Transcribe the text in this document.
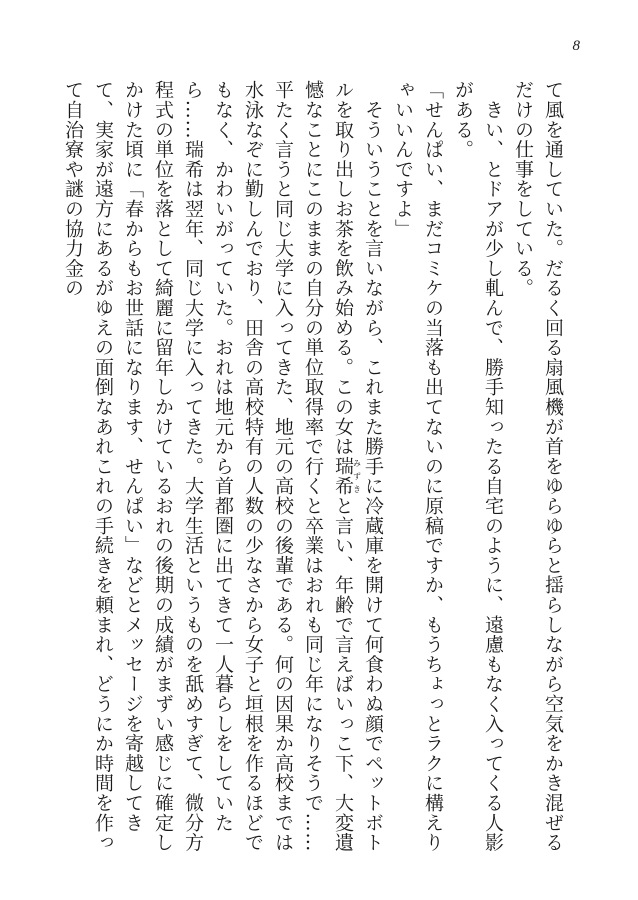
8

て風を通していた。だるく回る扇風機が首をゆらゆらと揺らしながら空気をかき混ぜるだけの仕事をしている。

　きい、とドアが少し軋んで、勝手知ったる自宅のように、遠慮もなく入ってくる人影がある。

「せんぱい、まだコミケの当落も出てないのに原稿ですか、もうちょっとラクに構えりゃいいんですよ」

　そういうことを言いながら、これまた勝手に冷蔵庫を開けて何食わぬ顔でペットボトルを取り出しお茶を飲み始める。この女は瑞希みずきと言い、年齢で言えばいっこ下、大変遺憾なことにこのままの自分の単位取得率で行くと卒業はおれも同じ年になりそうで……平たく言うと同じ大学に入ってきた、地元の高校の後輩である。何の因果か高校までは水泳なぞに勤しんでおり、田舎の高校特有の人数の少なさから女子と垣根を作るほどでもなく、かわいがっていた。おれは地元から首都圏に出てきて一人暮らしをしていたら……瑞希は翌年、同じ大学に入ってきた。大学生活というものを舐めすぎて、微分方程式の単位を落として綺麗に留年しかけているおれの後期の成績がまずい感じに確定しかけた頃に「春からもお世話になります、せんぱい」などとメッセージを寄越してきて、実家が遠方にあるがゆえの面倒なあれこれの手続きを頼まれ、どうにか時間を作って自治寮や謎の協力金の
